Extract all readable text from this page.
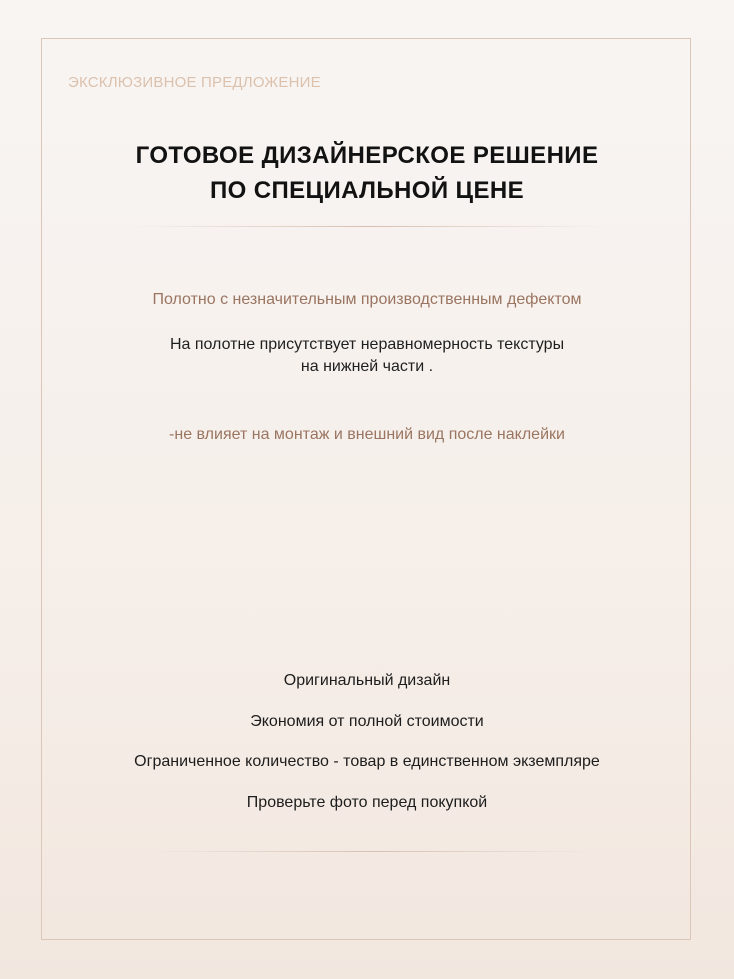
ЭКСКЛЮЗИВНОЕ ПРЕДЛОЖЕНИЕ

ГОТОВОЕ ДИЗАЙНЕРСКОЕ РЕШЕНИЕ
ПО СПЕЦИАЛЬНОЙ ЦЕНЕ

Полотно с незначительным производственным дефектом

На полотне присутствует неравномерность текстуры

на нижней части .

-не влияет на монтаж и внешний вид после наклейки

Оригинальный дизайн

Экономия от полной стоимости

Ограниченное количество - товар в единственном экземпляре

Проверьте фото перед покупкой
